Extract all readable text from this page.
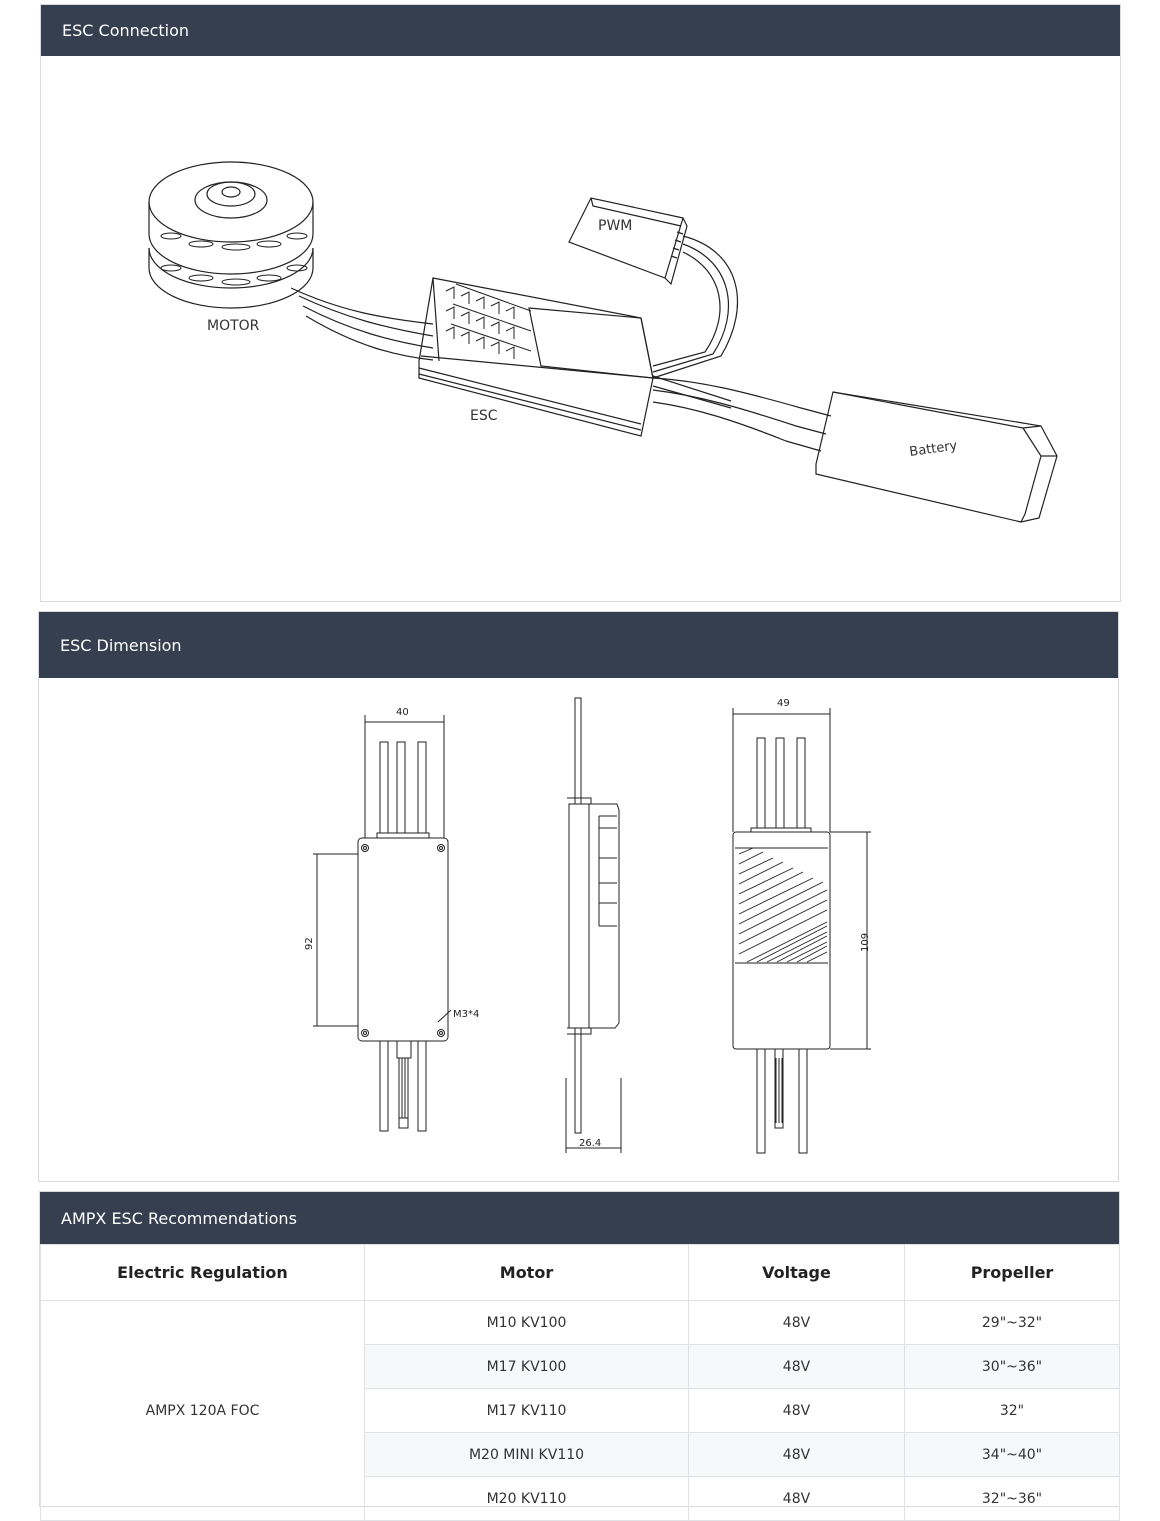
ESC Connection
MOTOR
ESC
PWM
Battery
ESC Dimension
40
92
M3*4
26.4
49
109
AMPX ESC Recommendations
Electric Regulation	Motor	Voltage	Propeller
AMPX 120A FOC	M10 KV100	48V	29"~32"
	M17 KV100	48V	30"~36"
	M17 KV110	48V	32"
	M20 MINI KV110	48V	34"~40"
	M20 KV110	48V	32"~36"
